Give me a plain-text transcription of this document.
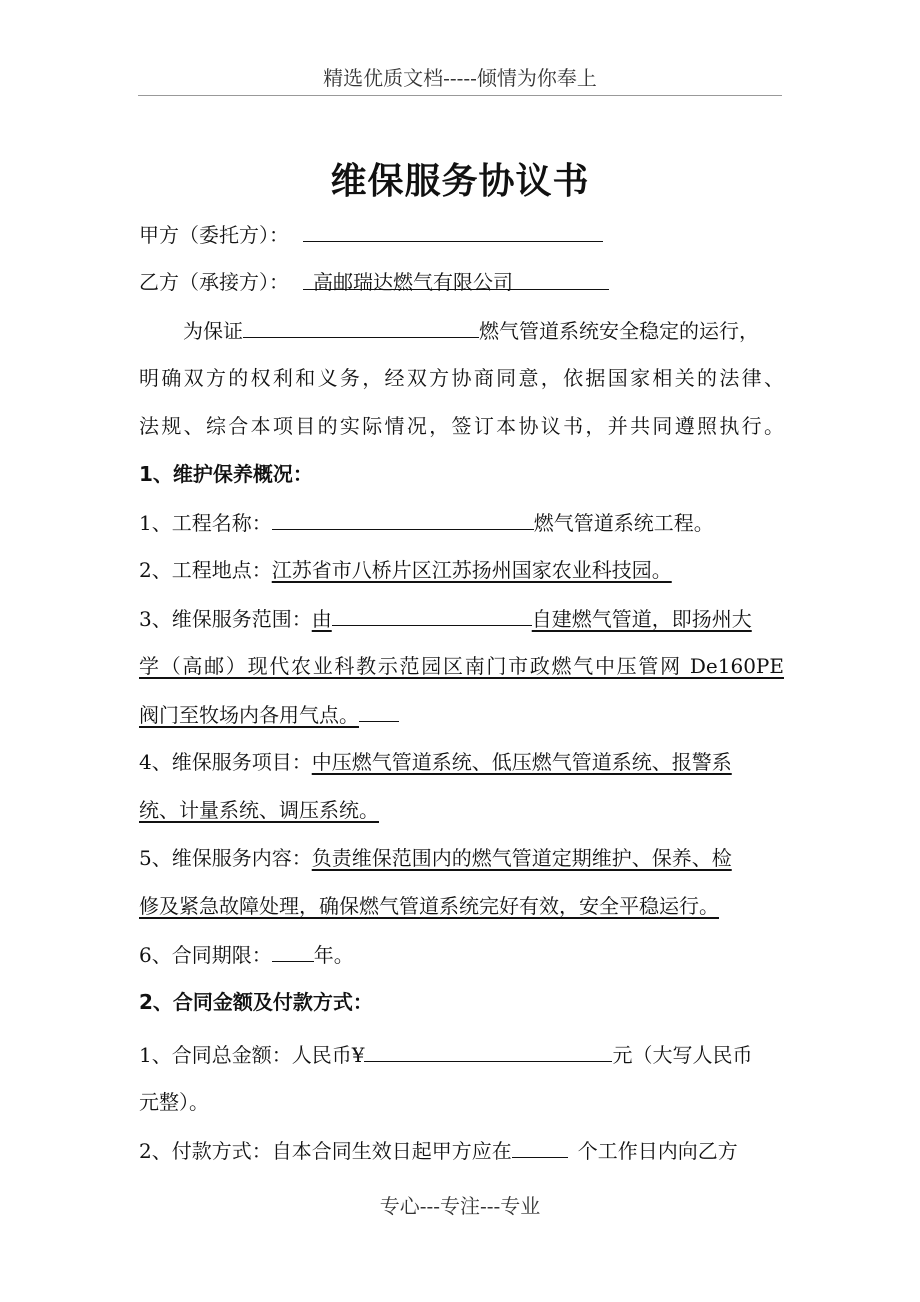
精选优质文档-----倾情为你奉上
维保服务协议书
甲方（委托方）：
乙方（承接方）： 高邮瑞达燃气有限公司
为保证	燃气管道系统安全稳定的运行，
明确双方的权利和义务，经双方协商同意，依据国家相关的法律、
法规、综合本项目的实际情况，签订本协议书，并共同遵照执行。
1、维护保养概况：
1、工程名称：	燃气管道系统工程。
2、工程地点：江苏省市八桥片区江苏扬州国家农业科技园。
3、维保服务范围：由	自建燃气管道，即扬州大
学（高邮）现代农业科教示范园区南门市政燃气中压管网 De160PE
阀门至牧场内各用气点。
4、维保服务项目：中压燃气管道系统、低压燃气管道系统、报警系
统、计量系统、调压系统。
5、维保服务内容：负责维保范围内的燃气管道定期维护、保养、检
修及紧急故障处理，确保燃气管道系统完好有效，安全平稳运行。
6、合同期限： 年。
2、合同金额及付款方式：
1、合同总金额：人民币¥	元（大写人民币
元整）。
2、付款方式：自本合同生效日起甲方应在	个工作日内向乙方
专心---专注---专业
